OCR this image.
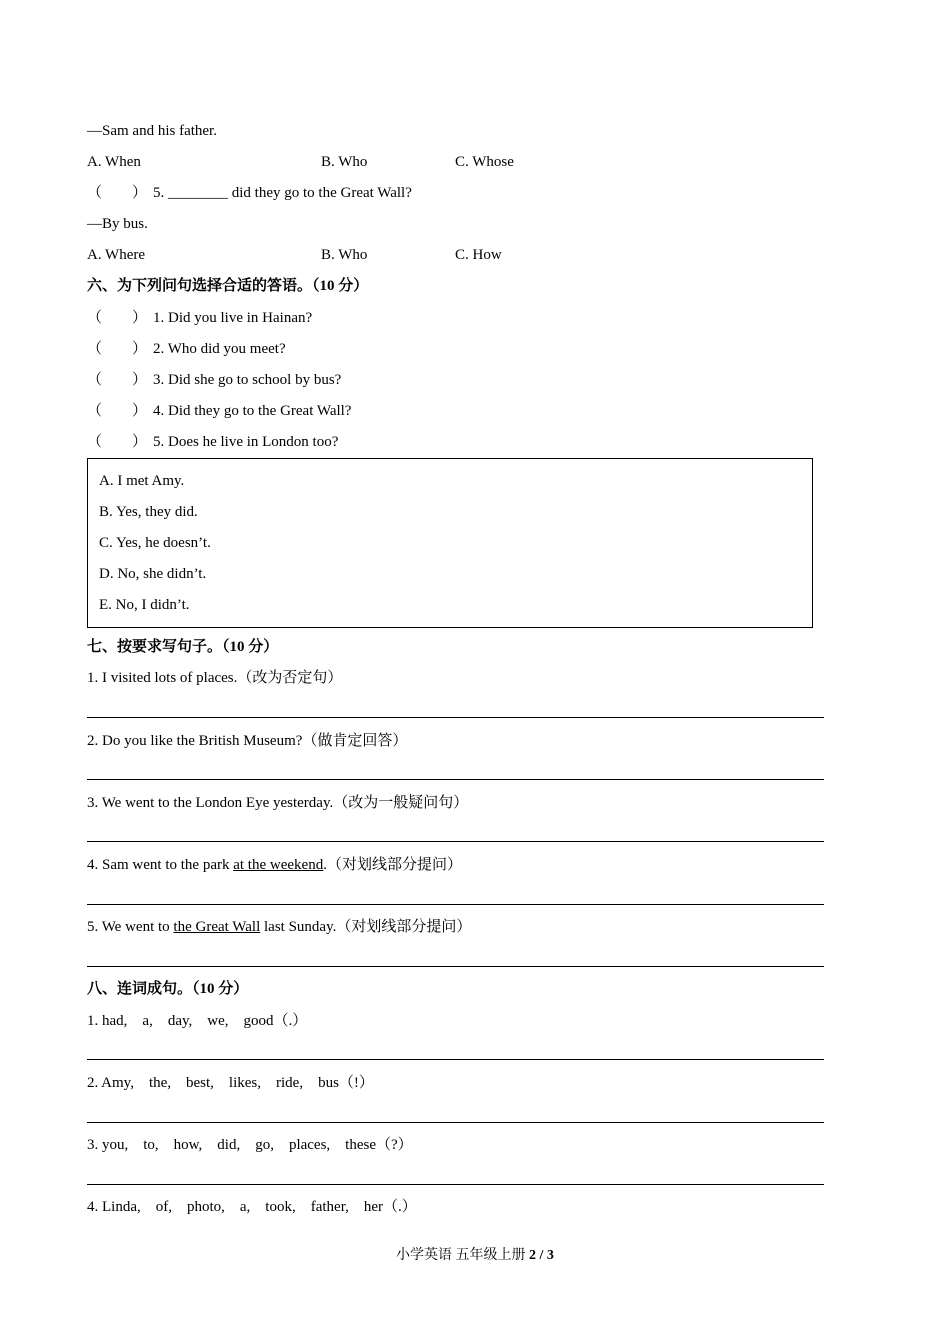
—Sam and his father.
A. When	B. Who	C. Whose
（　　） 5. ________ did they go to the Great Wall?
—By bus.
A. Where	B. Who	C. How
六、为下列问句选择合适的答语。（10 分）
（　　） 1. Did you live in Hainan?
（　　） 2. Who did you meet?
（　　） 3. Did she go to school by bus?
（　　） 4. Did they go to the Great Wall?
（　　） 5. Does he live in London too?
A. I met Amy.
B. Yes, they did.
C. Yes, he doesn’t.
D. No, she didn’t.
E. No, I didn’t.
七、按要求写句子。（10 分）
1. I visited lots of places.（改为否定句）
2. Do you like the British Museum?（做肯定回答）
3. We went to the London Eye yesterday.（改为一般疑问句）
4. Sam went to the park at the weekend.（对划线部分提问）
5. We went to the Great Wall last Sunday.（对划线部分提问）
八、连词成句。（10 分）
1. had,　a,　day,　we,　good（.）
2. Amy,　the,　best,　likes,　ride,　bus（!）
3. you,　to,　how,　did,　go,　places,　these（?）
4. Linda,　of,　photo,　a,　took,　father,　her（.）
小学英语 五年级上册 2 / 3
